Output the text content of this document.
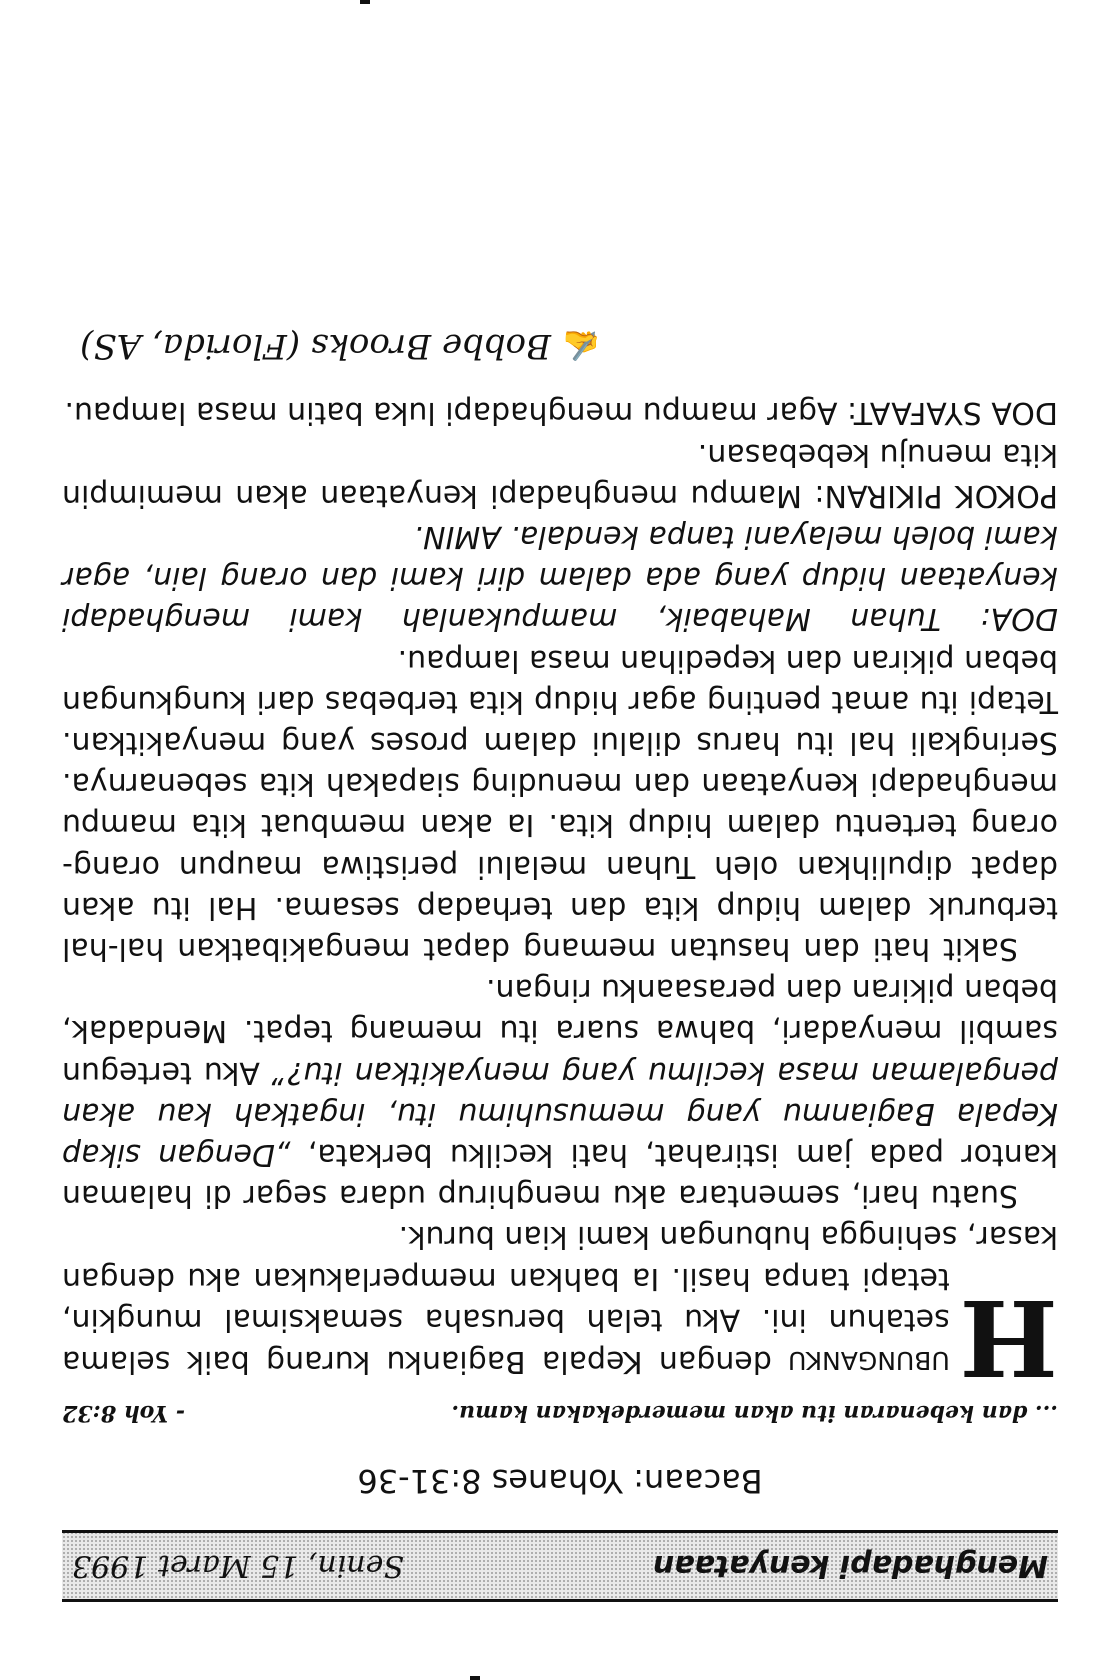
Menghadapi kenyataan
Senin, 15 Maret 1993
Bacaan: Yohanes 8:31-36
... dan kebenaran itu akan memerdekakan kamu.
- Yoh 8:32

H
UBUNGANKU dengan Kepala Bagianku kurang baik selama setahun ini. Aku telah berusaha semaksimal mungkin, tetapi tanpa hasil. Ia bahkan memperlakukan aku dengan kasar, sehingga hubungan kami kian buruk.

Suatu hari, sementara aku menghirup udara segar di halaman kantor pada jam istirahat, hati kecilku berkata, „Dengan sikap Kepala Bagianmu yang memusuhimu itu, ingatkah kau akan pengalaman masa kecilmu yang menyakitkan itu?” Aku tertegun sambil menyadari, bahwa suara itu memang tepat. Mendadak, beban pikiran dan perasaanku ringan.

Sakit hati dan hasutan memang dapat mengakibatkan hal-hal terburuk dalam hidup kita dan terhadap sesama. Hal itu akan dapat dipulihkan oleh Tuhan melalui peristiwa maupun orang-orang tertentu dalam hidup kita. Ia akan membuat kita mampu menghadapi kenyataan dan menuding siapakah kita sebenarnya. Seringkali hal itu harus dilalui dalam proses yang menyakitkan. Tetapi itu amat penting agar hidup kita terbebas dari kungkungan beban pikiran dan kepedihan masa lampau.

DOA: Tuhan Mahabaik, mampukanlah kami menghadapi kenyataan hidup yang ada dalam diri kami dan orang lain, agar kami boleh melayani tanpa kendala. AMIN.

POKOK PIKIRAN: Mampu menghadapi kenyataan akan memimpin kita menuju kebebasan.

DOA SYAFAAT: Agar mampu menghadapi luka batin masa lampau.

✍Bobbe Brooks (Florida, AS)
